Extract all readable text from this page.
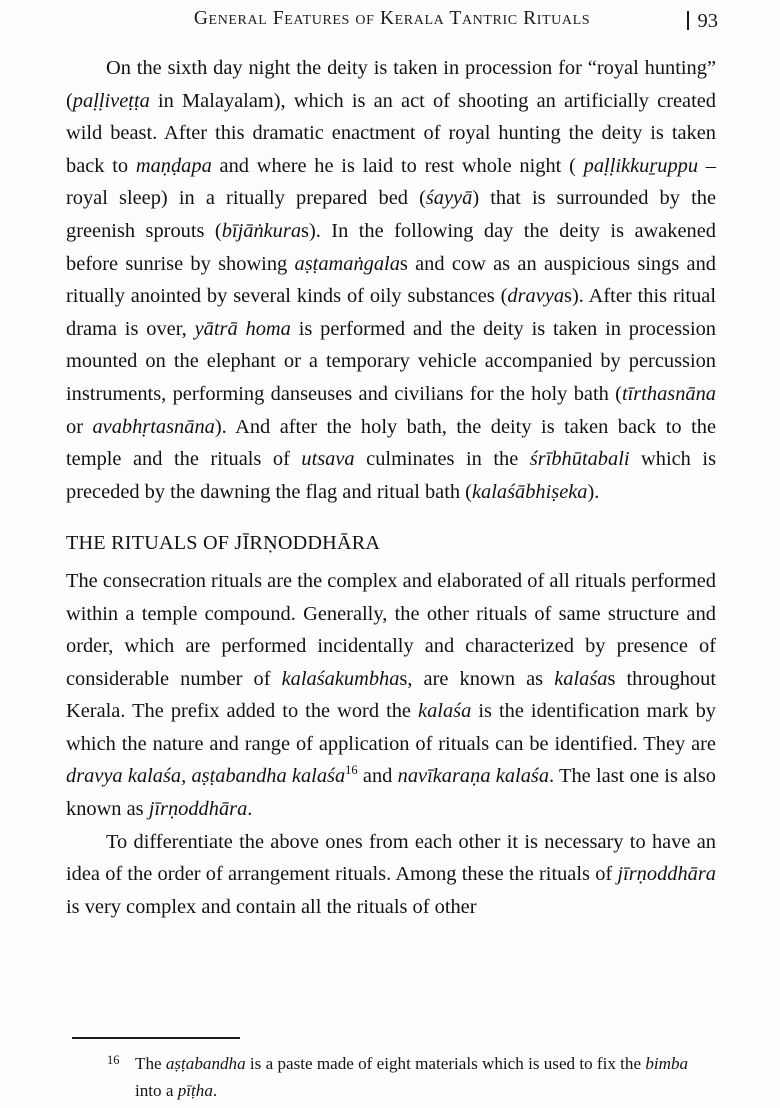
General Features of Kerala Tantric Rituals	93

On the sixth day night the deity is taken in procession for “royal hunting” (paḷḷiveṭṭa in Malayalam), which is an act of shooting an artificially created wild beast. After this dramatic enactment of royal hunting the deity is taken back to maṇḍapa and where he is laid to rest whole night ( paḷḷikkuṟuppu – royal sleep) in a ritually prepared bed (śayyā) that is surrounded by the greenish sprouts (bījāṅkuras). In the following day the deity is awakened before sunrise by showing aṣṭamaṅgalas and cow as an auspicious sings and ritually anointed by several kinds of oily substances (dravyas). After this ritual drama is over, yātrā homa is performed and the deity is taken in procession mounted on the elephant or a temporary vehicle accompanied by percussion instruments, performing danseuses and civilians for the holy bath (tīrthasnāna or avabhṛtasnāna). And after the holy bath, the deity is taken back to the temple and the rituals of utsava culminates in the śrībhūtabali which is preceded by the dawning the flag and ritual bath (kalaśābhiṣeka).

THE RITUALS OF JĪRṆODDHĀRA

The consecration rituals are the complex and elaborated of all rituals performed within a temple compound. Generally, the other rituals of same structure and order, which are performed incidentally and characterized by presence of considerable number of kalaśakumbhas, are known as kalaśas throughout Kerala. The prefix added to the word the kalaśa is the identification mark by which the nature and range of application of rituals can be identified. They are dravya kalaśa, aṣṭabandha kalaśa$^{16}$ and navīkaraṇa kalaśa. The last one is also known as jīrṇoddhāra.

To differentiate the above ones from each other it is necessary to have an idea of the order of arrangement rituals. Among these the rituals of jīrṇoddhāra is very complex and contain all the rituals of other

16 The aṣṭabandha is a paste made of eight materials which is used to fix the bimba into a pīṭha.
